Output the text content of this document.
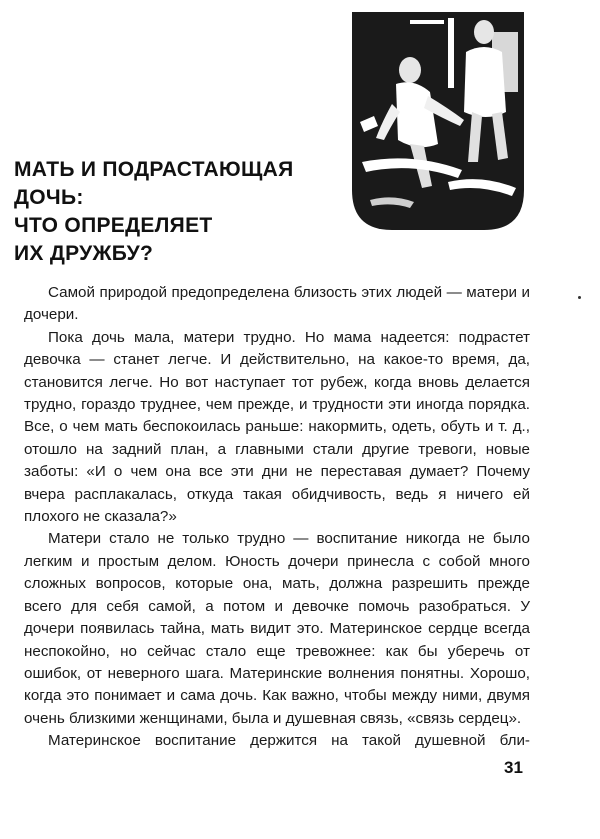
МАТЬ И ПОДРАСТАЮЩАЯ
ДОЧЬ:
ЧТО ОПРЕДЕЛЯЕТ
ИХ ДРУЖБУ?

Самой природой предопределена близость этих людей — матери и дочери.

Пока дочь мала, матери трудно. Но мама надеется: подрастет девочка — станет легче. И действительно, на какое-то время, да, становится легче. Но вот наступает тот рубеж, когда вновь делается трудно, гораздо труднее, чем прежде, и трудности эти иногда порядка. Все, о чем мать беспокоилась раньше: накормить, одеть, обуть и т. д., отошло на задний план, а главными стали другие тревоги, новые заботы: «И о чем она все эти дни не переставая думает? Почему вчера расплакалась, откуда такая обидчивость, ведь я ничего ей плохого не сказала?»

Матери стало не только трудно — воспитание никогда не было легким и простым делом. Юность дочери принесла с собой много сложных вопросов, которые она, мать, должна разрешить прежде всего для себя самой, а потом и девочке помочь разобраться. У дочери появилась тайна, мать видит это. Материнское сердце всегда неспокойно, но сейчас стало еще тревожнее: как бы уберечь от ошибок, от неверного шага. Материнские волнения понятны. Хорошо, когда это понимает и сама дочь. Как важно, чтобы между ними, двумя очень близкими женщинами, была и душевная связь, «связь сердец».

Материнское воспитание держится на такой душевной бли-

31
